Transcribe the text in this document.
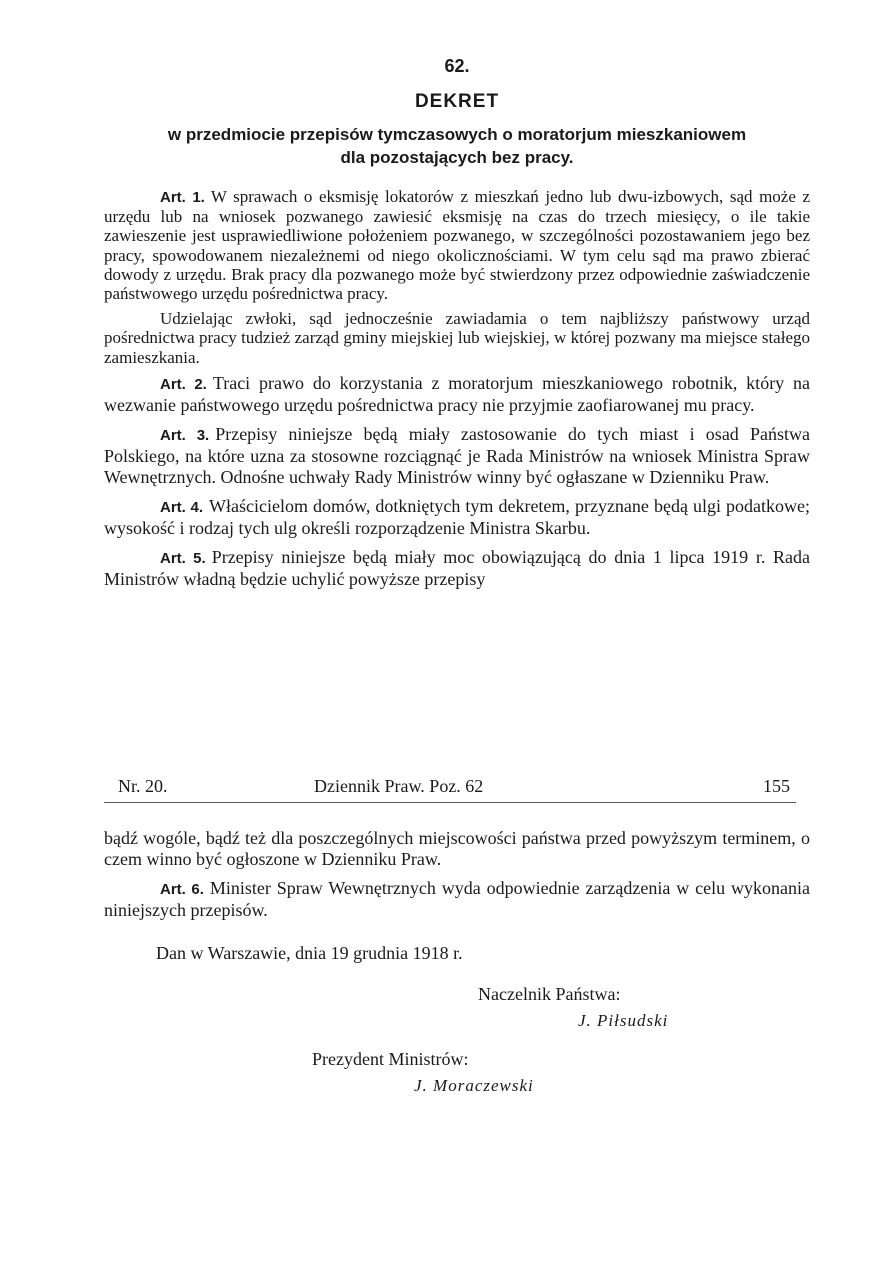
62.
DEKRET
w przedmiocie przepisów tymczasowych o moratorjum mieszkaniowem
dla pozostających bez pracy.

Art. 1. W sprawach o eksmisję lokatorów z mieszkań jedno lub dwu-izbowych, sąd może z urzędu lub na wniosek pozwanego zawiesić eksmisję na czas do trzech miesięcy, o ile takie zawieszenie jest usprawiedliwione położeniem pozwanego, w szczególności pozostawaniem jego bez pracy, spowodowanem niezależnemi od niego okolicznościami. W tym celu sąd ma prawo zbierać dowody z urzędu. Brak pracy dla pozwanego może być stwierdzony przez odpowiednie zaświadczenie państwowego urzędu pośrednictwa pracy.

Udzielając zwłoki, sąd jednocześnie zawiadamia o tem najbliższy państwowy urząd pośrednictwa pracy tudzież zarząd gminy miejskiej lub wiejskiej, w której pozwany ma miejsce stałego zamieszkania.

Art. 2. Traci prawo do korzystania z moratorjum mieszkaniowego robotnik, który na wezwanie państwowego urzędu pośrednictwa pracy nie przyjmie zaofiarowanej mu pracy.

Art. 3. Przepisy niniejsze będą miały zastosowanie do tych miast i osad Państwa Polskiego, na które uzna za stosowne rozciągnąć je Rada Ministrów na wniosek Ministra Spraw Wewnętrznych. Odnośne uchwały Rady Ministrów winny być ogłaszane w Dzienniku Praw.

Art. 4. Właścicielom domów, dotkniętych tym dekretem, przyznane będą ulgi podatkowe; wysokość i rodzaj tych ulg określi rozporządzenie Ministra Skarbu.

Art. 5. Przepisy niniejsze będą miały moc obowiązującą do dnia 1 lipca 1919 r. Rada Ministrów władną będzie uchylić powyższe przepisy

Nr. 20.	Dziennik Praw. Poz. 62	155

bądź wogóle, bądź też dla poszczególnych miejscowości państwa przed powyższym terminem, o czem winno być ogłoszone w Dzienniku Praw.

Art. 6. Minister Spraw Wewnętrznych wyda odpowiednie zarządzenia w celu wykonania niniejszych przepisów.

Dan w Warszawie, dnia 19 grudnia 1918 r.
Naczelnik Państwa:
J. Piłsudski
Prezydent Ministrów:
J. Moraczewski
